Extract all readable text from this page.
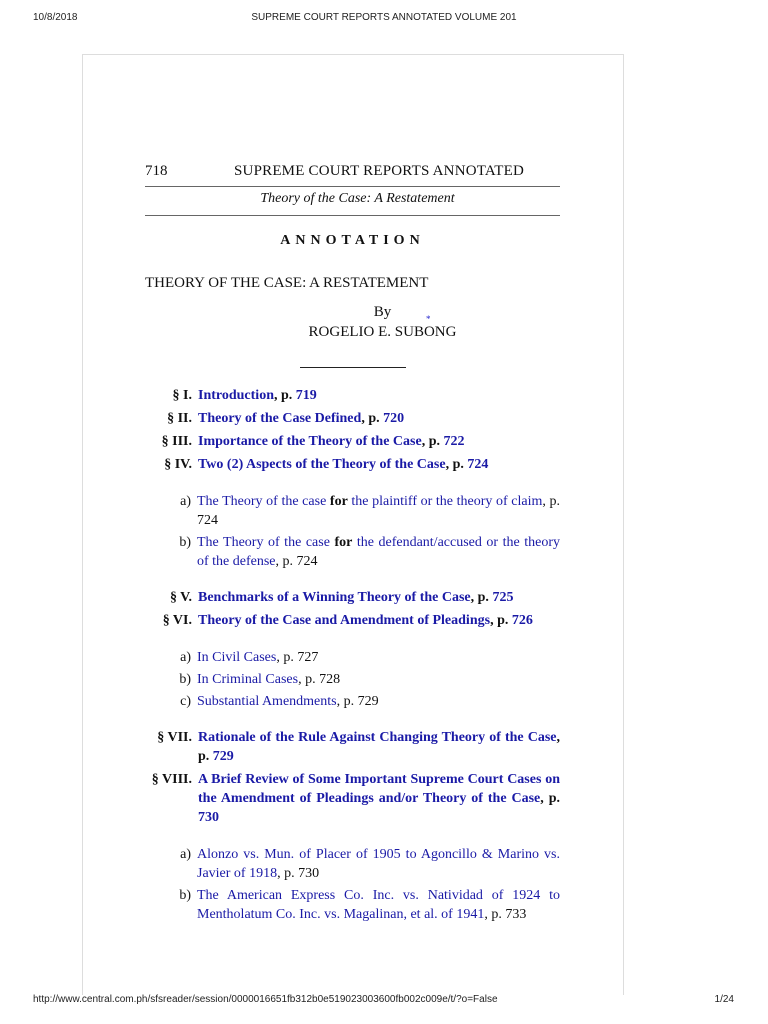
10/8/2018	SUPREME COURT REPORTS ANNOTATED VOLUME 201
718	SUPREME COURT REPORTS ANNOTATED
Theory of the Case: A Restatement
ANNOTATION
THEORY OF THE CASE: A RESTATEMENT
By
ROGELIO E. SUBONG
*
§ I. Introduction, p. 719
§ II. Theory of the Case Defined, p. 720
§ III. Importance of the Theory of the Case, p. 722
§ IV. Two (2) Aspects of the Theory of the Case, p. 724
a) The Theory of the case for the plaintiff or the theory of claim, p. 724
b) The Theory of the case for the defendant/accused or the theory of the defense, p. 724
§ V. Benchmarks of a Winning Theory of the Case, p. 725
§ VI. Theory of the Case and Amendment of Pleadings, p. 726
a) In Civil Cases, p. 727
b) In Criminal Cases, p. 728
c) Substantial Amendments, p. 729
§ VII. Rationale of the Rule Against Changing Theory of the Case, p. 729
§ VIII. A Brief Review of Some Important Supreme Court Cases on the Amendment of Pleadings and/or Theory of the Case, p. 730
a) Alonzo vs. Mun. of Placer of 1905 to Agoncillo & Marino vs. Javier of 1918, p. 730
b) The American Express Co. Inc. vs. Natividad of 1924 to Mentholatum Co. Inc. vs. Magalinan, et al. of 1941, p. 733
http://www.central.com.ph/sfsreader/session/0000016651fb312b0e519023003600fb002c009e/t/?o=False	1/24
